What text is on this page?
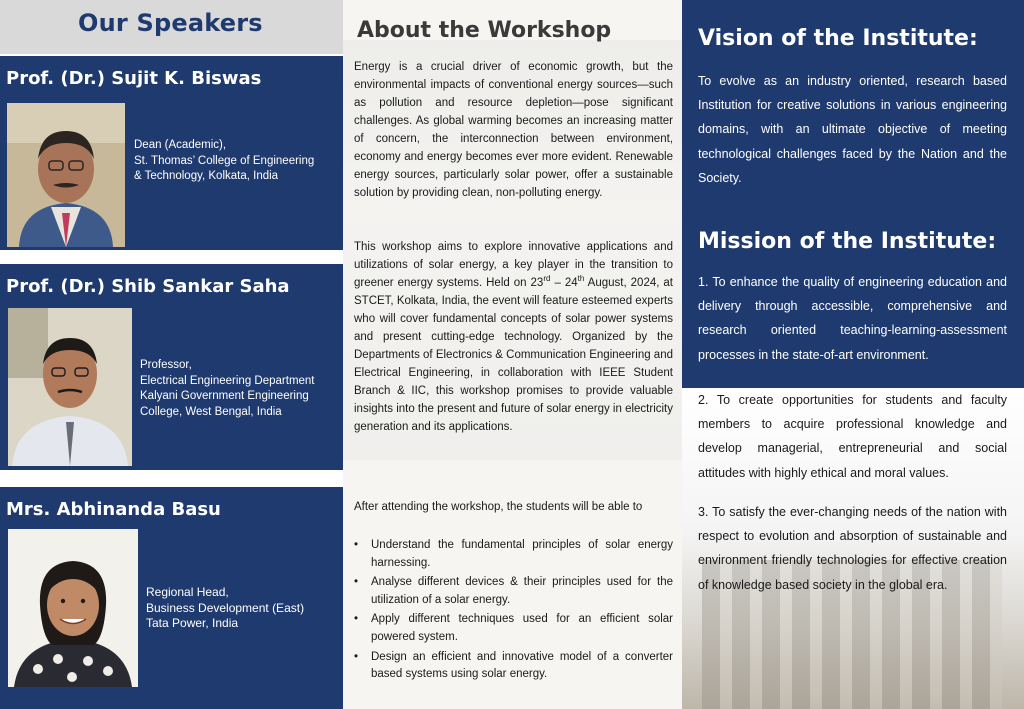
Our Speakers
Prof. (Dr.) Sujit K. Biswas
Dean (Academic),
St. Thomas’ College of Engineering
& Technology, Kolkata, India
Prof. (Dr.) Shib Sankar Saha
Professor,
Electrical Engineering Department
Kalyani Government Engineering
College, West Bengal, India
Mrs. Abhinanda Basu
Regional Head,
Business Development (East)
Tata Power, India
About the Workshop

Energy is a crucial driver of economic growth, but the environmental impacts of conventional energy sources—such as pollution and resource depletion—pose significant challenges. As global warming becomes an increasing matter of concern, the interconnection between environment, economy and energy becomes ever more evident. Renewable energy sources, particularly solar power, offer a sustainable solution by providing clean, non-polluting energy.

This workshop aims to explore innovative applications and utilizations of solar energy, a key player in the transition to greener energy systems. Held on 23rd – 24th August, 2024, at STCET, Kolkata, India, the event will feature esteemed experts who will cover fundamental concepts of solar power systems and present cutting-edge technology. Organized by the Departments of Electronics & Communication Engineering and Electrical Engineering, in collaboration with IEEE Student Branch & IIC, this workshop promises to provide valuable insights into the present and future of solar energy in electricity generation and its applications.

After attending the workshop, the students will be able to

• Understand the fundamental principles of solar energy harnessing.
• Analyse different devices & their principles used for the utilization of a solar energy.
• Apply different techniques used for an efficient solar powered system.
• Design an efficient and innovative model of a converter based systems using solar energy.
Vision of the Institute:

To evolve as an industry oriented, research based Institution for creative solutions in various engineering domains, with an ultimate objective of meeting technological challenges faced by the Nation and the Society.

Mission of the Institute:

1. To enhance the quality of engineering education and delivery through accessible, comprehensive and research oriented teaching-learning-assessment processes in the state-of-art environment.

2. To create opportunities for students and faculty members to acquire professional knowledge and develop managerial, entrepreneurial and social attitudes with highly ethical and moral values.

3. To satisfy the ever-changing needs of the nation with respect to evolution and absorption of sustainable and environment friendly technologies for effective creation of knowledge based society in the global era.
